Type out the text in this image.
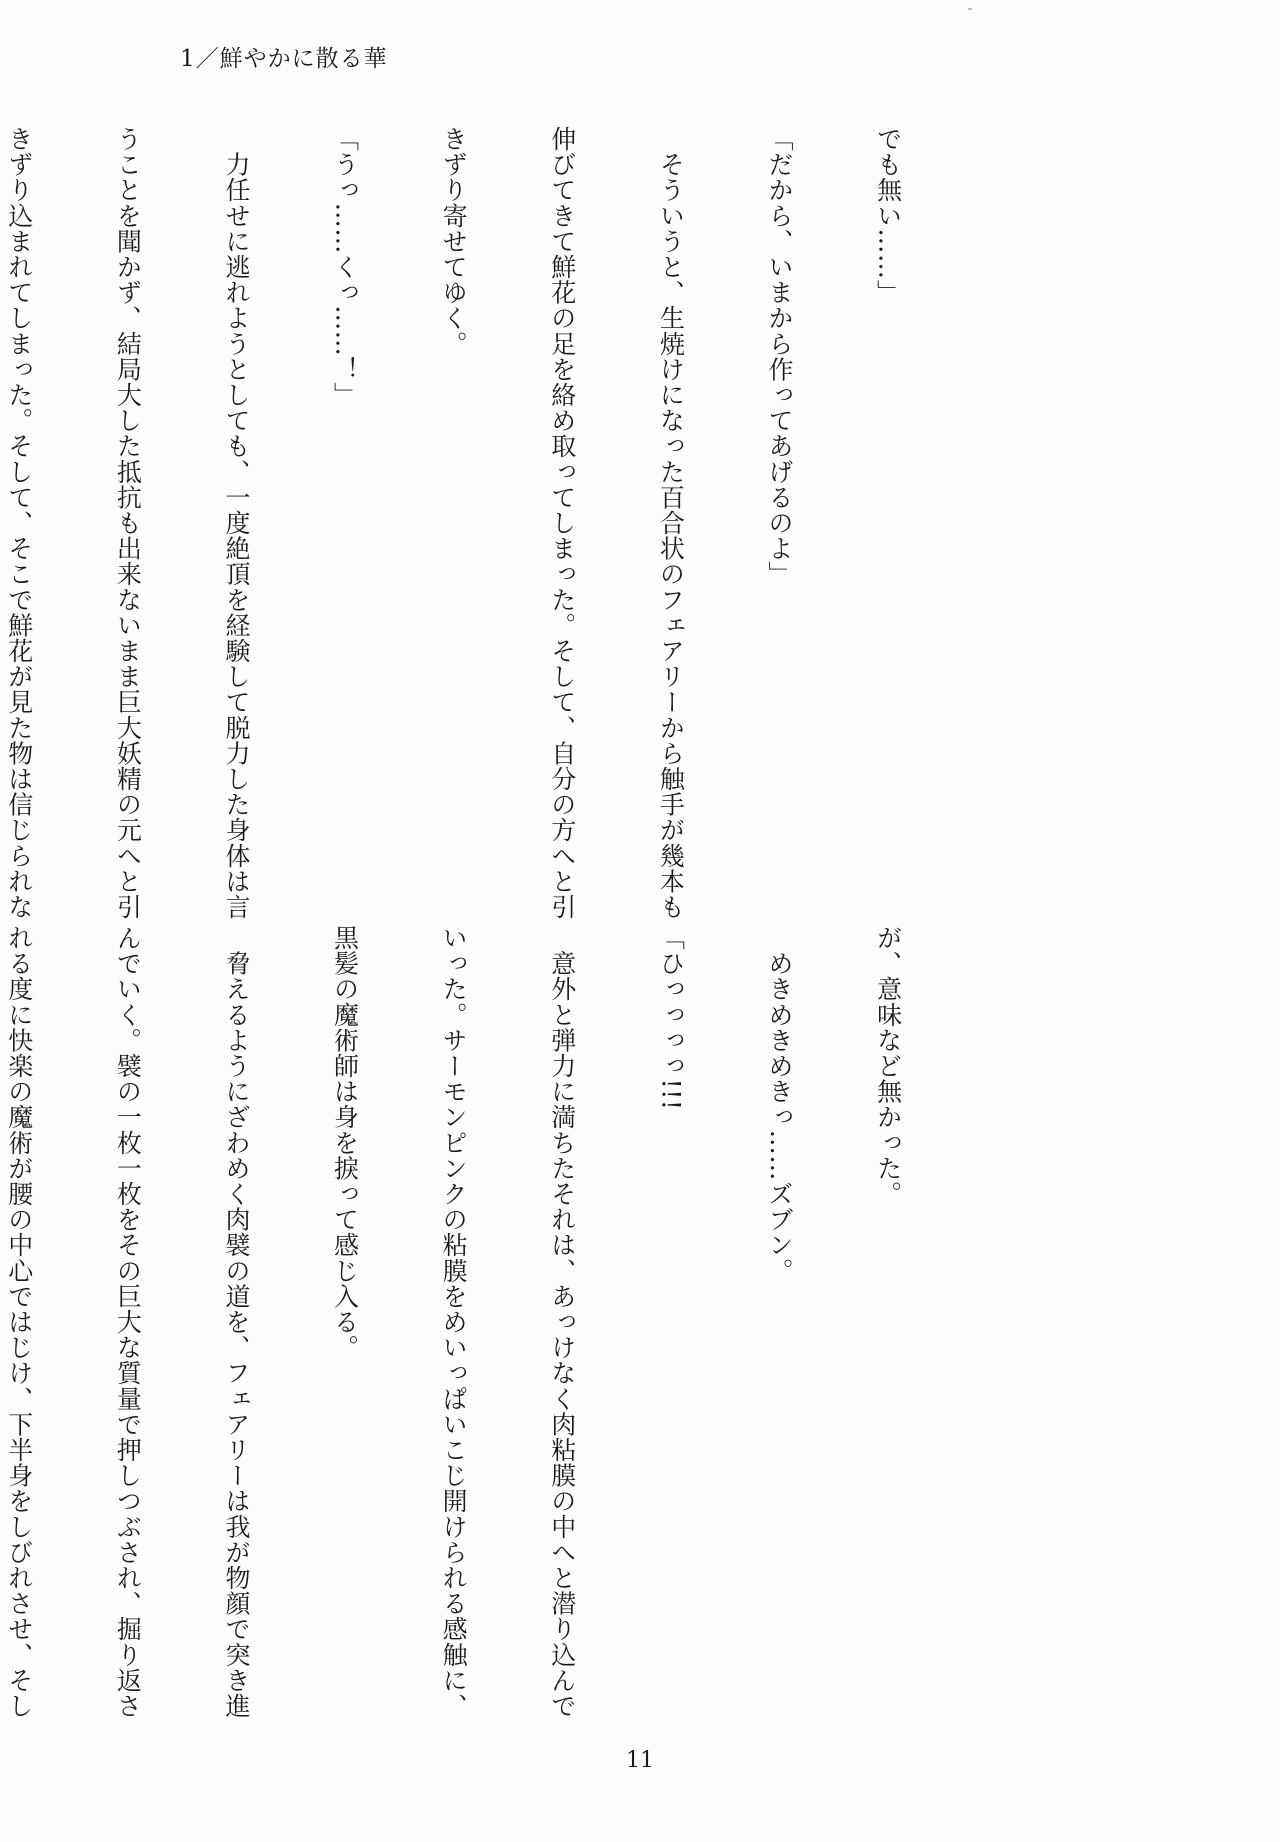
1／鮮やかに散る華

でも無い……」

「だから、いまから作ってあげるのよ」

　そういうと、生焼けになった百合状のフェアリーから触手が幾本も

伸びてきて鮮花の足を絡め取ってしまった。そして、自分の方へと引

きずり寄せてゆく。

「うっ……くっ……！」

　力任せに逃れようとしても、一度絶頂を経験して脱力した身体は言

うことを聞かず、結局大した抵抗も出来ないまま巨大妖精の元へと引

きずり込まれてしまった。そして、そこで鮮花が見た物は信じられな

が、意味など無かった。

　めきめきめきっ……ズブン。

「ひっっっっ!!!

　意外と弾力に満ちたそれは、あっけなく肉粘膜の中へと潜り込んで

いった。サーモンピンクの粘膜をめいっぱいこじ開けられる感触に、

黒髪の魔術師は身を捩って感じ入る。

　脅えるようにざわめく肉襞の道を、フェアリーは我が物顔で突き進

んでいく。襞の一枚一枚をその巨大な質量で押しつぶされ、掘り返さ

れる度に快楽の魔術が腰の中心ではじけ、下半身をしびれさせ、そし

11
